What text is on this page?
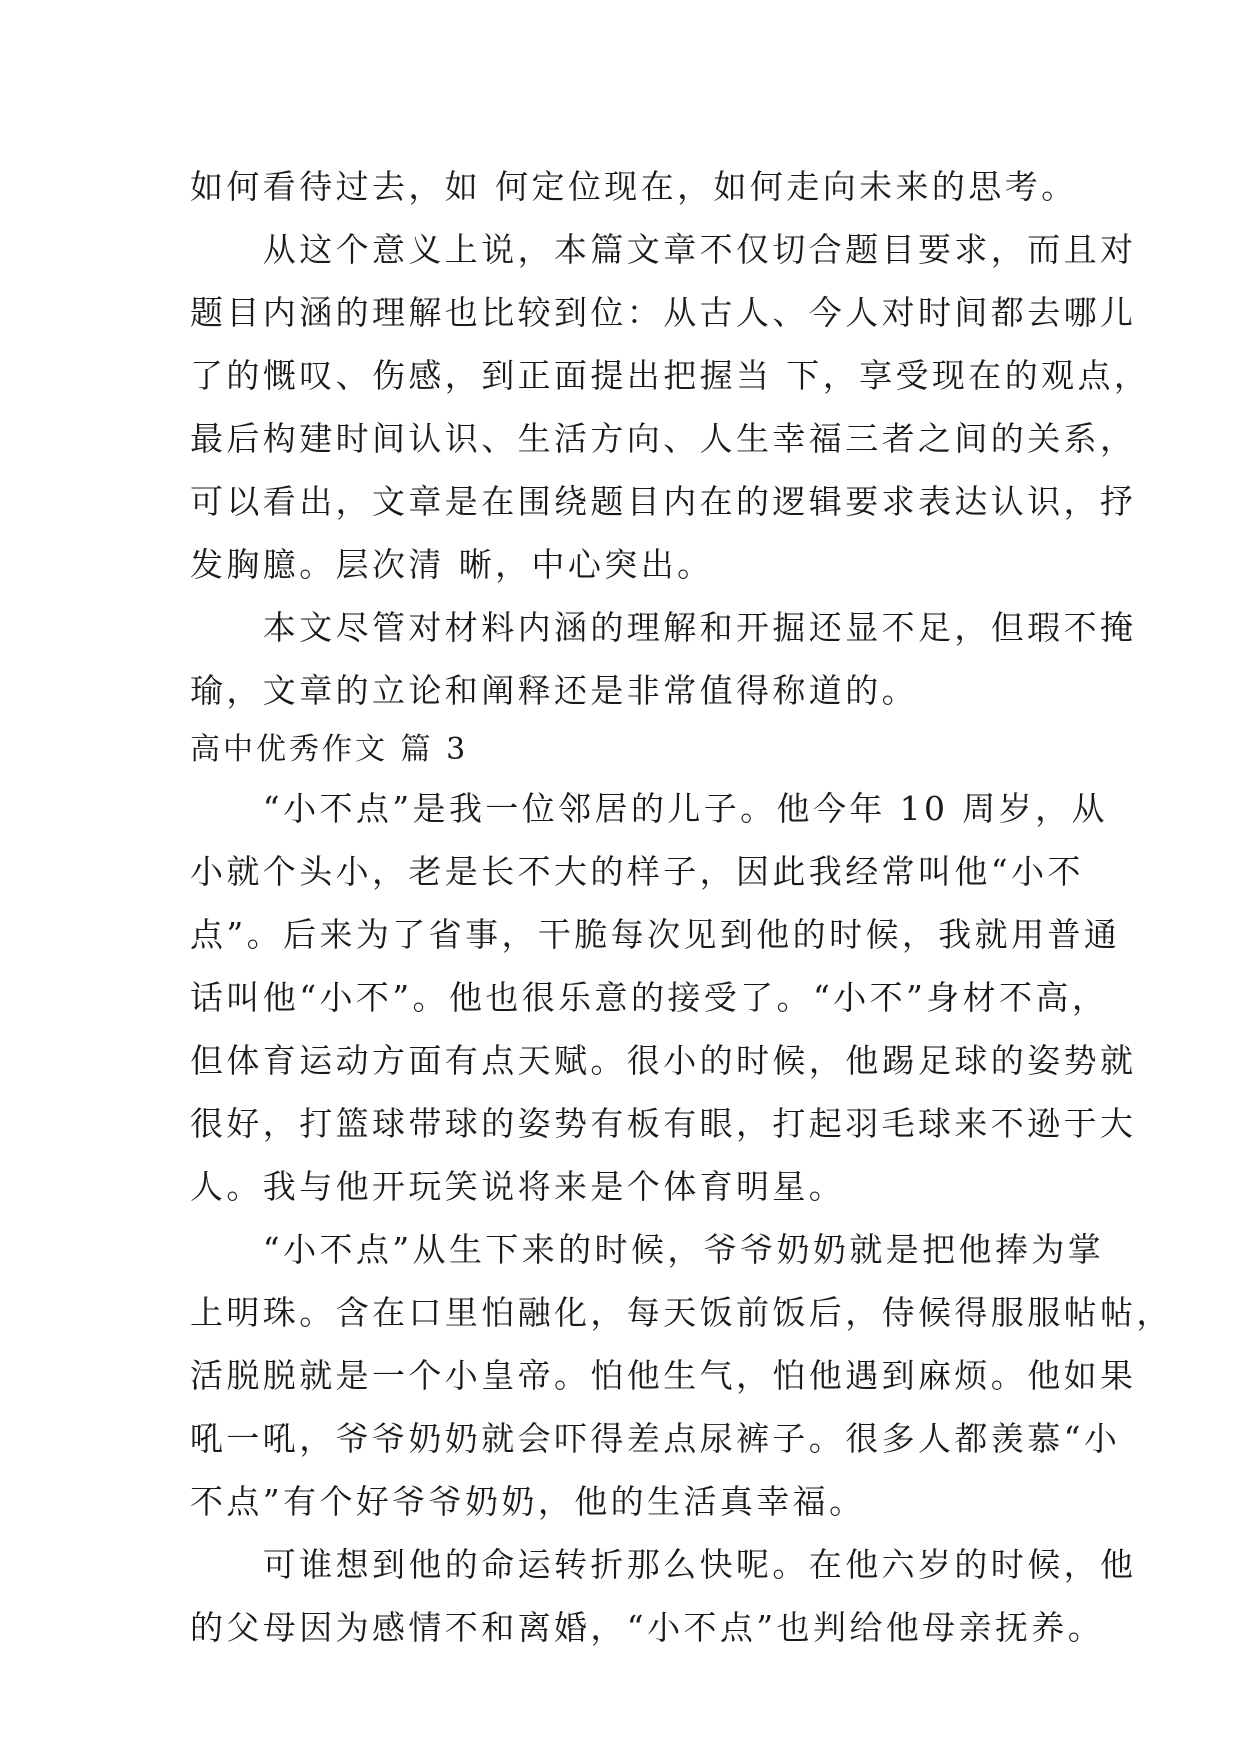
如何看待过去，如 何定位现在，如何走向未来的思考。
　　从这个意义上说，本篇文章不仅切合题目要求，而且对
题目内涵的理解也比较到位：从古人、今人对时间都去哪儿
了的慨叹、伤感，到正面提出把握当 下，享受现在的观点，
最后构建时间认识、生活方向、人生幸福三者之间的关系，
可以看出，文章是在围绕题目内在的逻辑要求表达认识，抒
发胸臆。层次清 晰，中心突出。
　　本文尽管对材料内涵的理解和开掘还显不足，但瑕不掩
瑜，文章的立论和阐释还是非常值得称道的。
高中优秀作文 篇 3
　　“小不点”是我一位邻居的儿子。他今年 10 周岁，从
小就个头小，老是长不大的样子，因此我经常叫他“小不
点”。后来为了省事，干脆每次见到他的时候，我就用普通
话叫他“小不”。他也很乐意的接受了。“小不”身材不高，
但体育运动方面有点天赋。很小的时候，他踢足球的姿势就
很好，打篮球带球的姿势有板有眼，打起羽毛球来不逊于大
人。我与他开玩笑说将来是个体育明星。
　　“小不点”从生下来的时候，爷爷奶奶就是把他捧为掌
上明珠。含在口里怕融化，每天饭前饭后，侍候得服服帖帖，
活脱脱就是一个小皇帝。怕他生气，怕他遇到麻烦。他如果
吼一吼，爷爷奶奶就会吓得差点尿裤子。很多人都羡慕“小
不点”有个好爷爷奶奶，他的生活真幸福。
　　可谁想到他的命运转折那么快呢。在他六岁的时候，他
的父母因为感情不和离婚，“小不点”也判给他母亲抚养。
